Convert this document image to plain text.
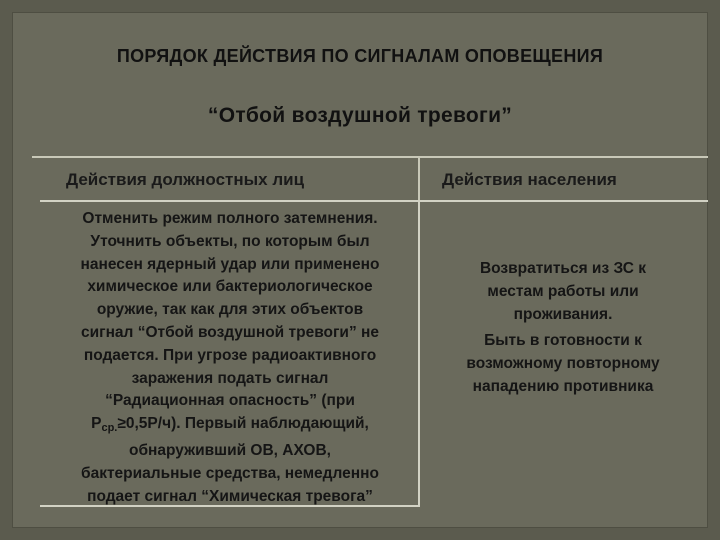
ПОРЯДОК ДЕЙСТВИЯ ПО СИГНАЛАМ ОПОВЕЩЕНИЯ
“Отбой воздушной тревоги”
Действия должностных лиц	Действия населения
Отменить режим полного затемнения.
Уточнить объекты, по которым был
нанесен ядерный удар или применено
химическое или бактериологическое
оружие, так как для этих объектов
сигнал “Отбой воздушной тревоги” не
подается. При угрозе радиоактивного
заражения подать сигнал
“Радиационная опасность” (при
$Р_{ср.}\ge 0,5Р/ч$). Первый наблюдающий,
обнаруживший ОВ, АХОВ,
бактериальные средства, немедленно
подает сигнал “Химическая тревога”
Возвратиться из ЗС к
местам работы или
проживания.
Быть в готовности к
возможному повторному
нападению противника
